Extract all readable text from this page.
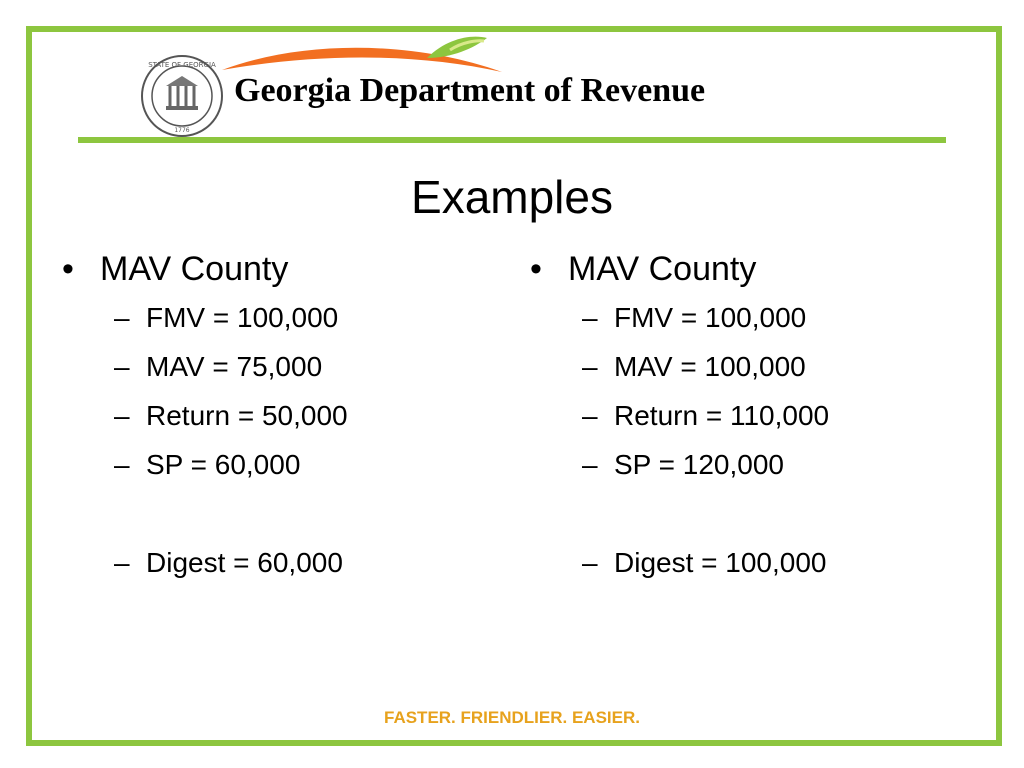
STATE OF GEORGIA
1776
Georgia Department of Revenue
Examples
• MAV County
– FMV = 100,000
– MAV = 75,000
– Return = 50,000
– SP = 60,000
– Digest = 60,000
• MAV County
– FMV = 100,000
– MAV = 100,000
– Return = 110,000
– SP = 120,000
– Digest = 100,000
FASTER. FRIENDLIER. EASIER.
